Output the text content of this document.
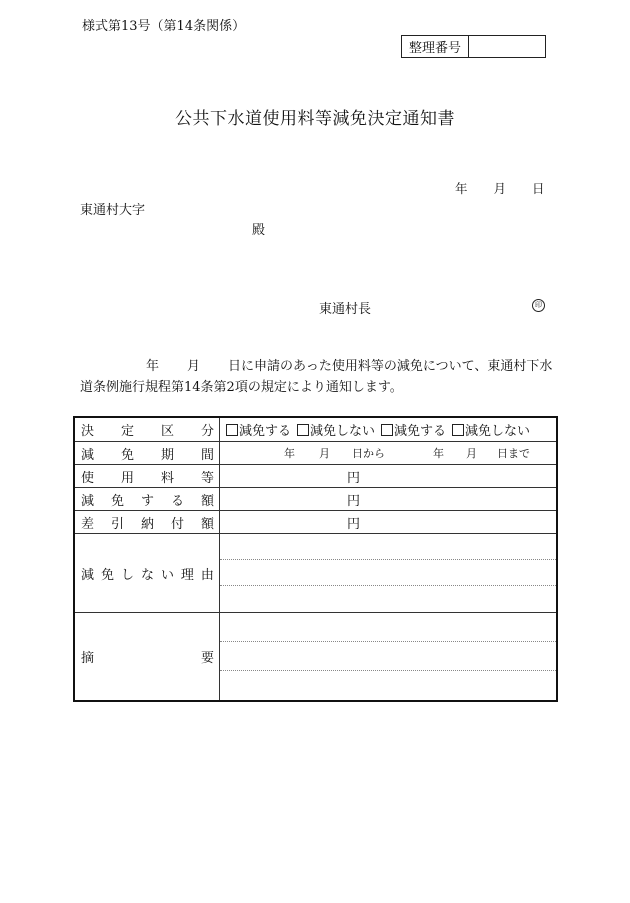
様式第13号（第14条関係）
整理番号
公共下水道使用料等減免決定通知書
年 月 日
東通村大字
殿
東通村長	印
年 月 日に申請のあった使用料等の減免について、東通村下水道条例施行規程第14条第2項の規定により通知します。
決 定 区 分 減免する 減免しない 減免する 減免しない
減 免 期 間	年 月 日から	年 月 日まで
使 用 料 等	円
減 免 す る 額	円
差 引 納 付 額	円
減 免 し な い 理 由
摘	要
